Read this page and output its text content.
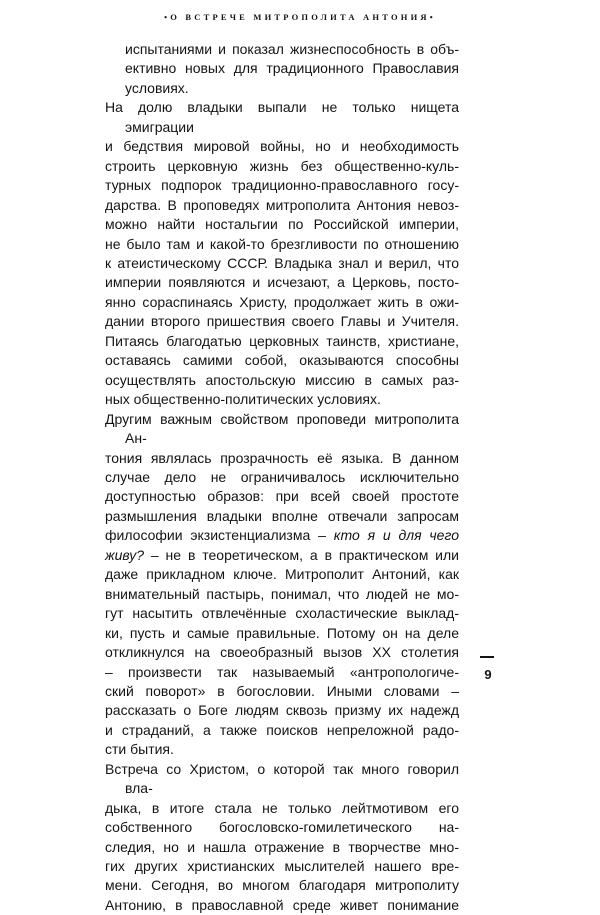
•О ВСТРЕЧЕ МИТРОПОЛИТА АНТОНИЯ•

испытаниями и показал жизнеспособность в объ-
ективно новых для традиционного Православия
условиях.

На долю владыки выпали не только нищета эмиграции
и бедствия мировой войны, но и необходимость
строить церковную жизнь без общественно-куль-
турных подпорок традиционно-православного госу-
дарства. В проповедях митрополита Антония невоз-
можно найти ностальгии по Российской империи,
не было там и какой-то брезгливости по отношению
к атеистическому СССР. Владыка знал и верил, что
империи появляются и исчезают, а Церковь, посто-
янно сораспинаясь Христу, продолжает жить в ожи-
дании второго пришествия своего Главы и Учителя.
Питаясь благодатью церковных таинств, христиане,
оставаясь самими собой, оказываются способны
осуществлять апостольскую миссию в самых раз-
ных общественно-политических условиях.

Другим важным свойством проповеди митрополита Ан-
тония являлась прозрачность её языка. В данном
случае дело не ограничивалось исключительно
доступностью образов: при всей своей простоте
размышления владыки вполне отвечали запросам
философии экзистенциализма – кто я и для чего
живу? – не в теоретическом, а в практическом или
даже прикладном ключе. Митрополит Антоний, как
внимательный пастырь, понимал, что людей не мо-
гут насытить отвлечённые схоластические выклад-
ки, пусть и самые правильные. Потому он на деле
откликнулся на своеобразный вызов XX столетия
– произвести так называемый «антропологиче-
ский поворот» в богословии. Иными словами –
рассказать о Боге людям сквозь призму их надежд
и страданий, а также поисков непреложной радо-
сти бытия.

Встреча со Христом, о которой так много говорил вла-
дыка, в итоге стала не только лейтмотивом его
собственного богословско-гомилетического на-
следия, но и нашла отражение в творчестве мно-
гих других христианских мыслителей нашего вре-
мени. Сегодня, во многом благодаря митрополиту
Антонию, в православной среде живет понимание

9
